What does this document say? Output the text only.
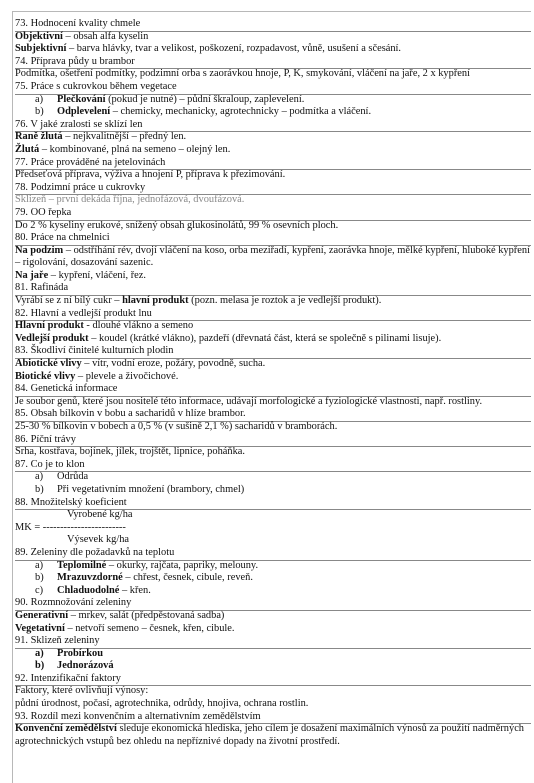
73. Hodnocení kvality chmele
Objektivní – obsah alfa kyselin
Subjektivní – barva hlávky, tvar a velikost, poškození, rozpadavost, vůně, usušení a sčesání.
74. Příprava půdy u brambor
Podmítka, ošetření podmítky, podzimní orba s zaorávkou hnoje, P, K, smykování, vláčení na jaře, 2 x kypření
75. Práce s cukrovkou během vegetace
a) Plečkování (pokud je nutné) – půdní škraloup, zaplevelení.
b) Odplevelení – chemicky, mechanicky, agrotechnicky – podmítka a vláčení.
76. V jaké zralosti se sklízí len
Raně žlutá – nejkvalitnější – předný len.
Žlutá – kombinované, plná na semeno – olejný len.
77. Práce prováděné na jetelovinách
Předseťová příprava, výživa a hnojení P, příprava k přezimování.
78. Podzimní práce u cukrovky
Sklizeň – první dekáda října, jednofázová, dvoufázová.
79. OO řepka
Do 2 % kyseliny erukové, snížený obsah glukosinolátů, 99 % osevních ploch.
80. Práce na chmelnici
Na podzim – odstříhání rév, dvojí vláčení na koso, orba meziřadí, kypření, zaorávka hnoje, mělké kypření, hluboké kypření – rigolování, dosazování sazenic.
Na jaře – kypření, vláčení, řez.
81. Rafináda
Vyrábí se z ní bílý cukr – hlavní produkt (pozn. melasa je roztok a je vedlejší produkt).
82. Hlavní a vedlejší produkt lnu
Hlavní produkt - dlouhé vlákno a semeno
Vedlejší produkt – koudel (krátké vlákno), pazdeří (dřevnatá část, která se společně s pilinami lisuje).
83. Škodliví činitelé kulturních plodin
Abiotické vlivy – vítr, vodní eroze, požáry, povodně, sucha.
Biotické vlivy – plevele a živočichové.
84. Genetická informace
Je soubor genů, které jsou nositelé této informace, udávají morfologické a fyziologické vlastnosti, např. rostliny.
85. Obsah bílkovin v bobu a sacharidů v hlíze brambor.
25-30 % bílkovin v bobech a 0,5 % (v sušině 2,1 %) sacharidů v bramborách.
86. Píční trávy
Srha, kostřava, bojínek, jílek, trojštět, lipnice, poháňka.
87. Co je to klon
a) Odrůda
b) Při vegetativním množení (brambory, chmel)
88. Množitelský koeficient
Vyrobené kg/ha
MK = ------------------------
Výsevek kg/ha
89. Zeleniny dle požadavků na teplotu
a) Teplomilné – okurky, rajčata, papriky, melouny.
b) Mrazuvzdorné – chřest, česnek, cibule, reveň.
c) Chladuodolné – křen.
90. Rozmnožování zeleniny
Generativní – mrkev, salát (předpěstovaná sadba)
Vegetativní – netvoří semeno – česnek, křen, cibule.
91. Sklizeň zeleniny
a) Probírkou
b) Jednorázová
92. Intenzifikační faktory
Faktory, které ovlivňují výnosy:
půdní úrodnost, počasí, agrotechnika, odrůdy, hnojiva, ochrana rostlin.
93. Rozdíl mezi konvenčním a alternativním zemědělstvím
Konvenční zemědělství sleduje ekonomická hlediska, jeho cílem je dosažení maximálních výnosů za použití nadměrných agrotechnických vstupů bez ohledu na nepříznivé dopady na životní prostředí.
